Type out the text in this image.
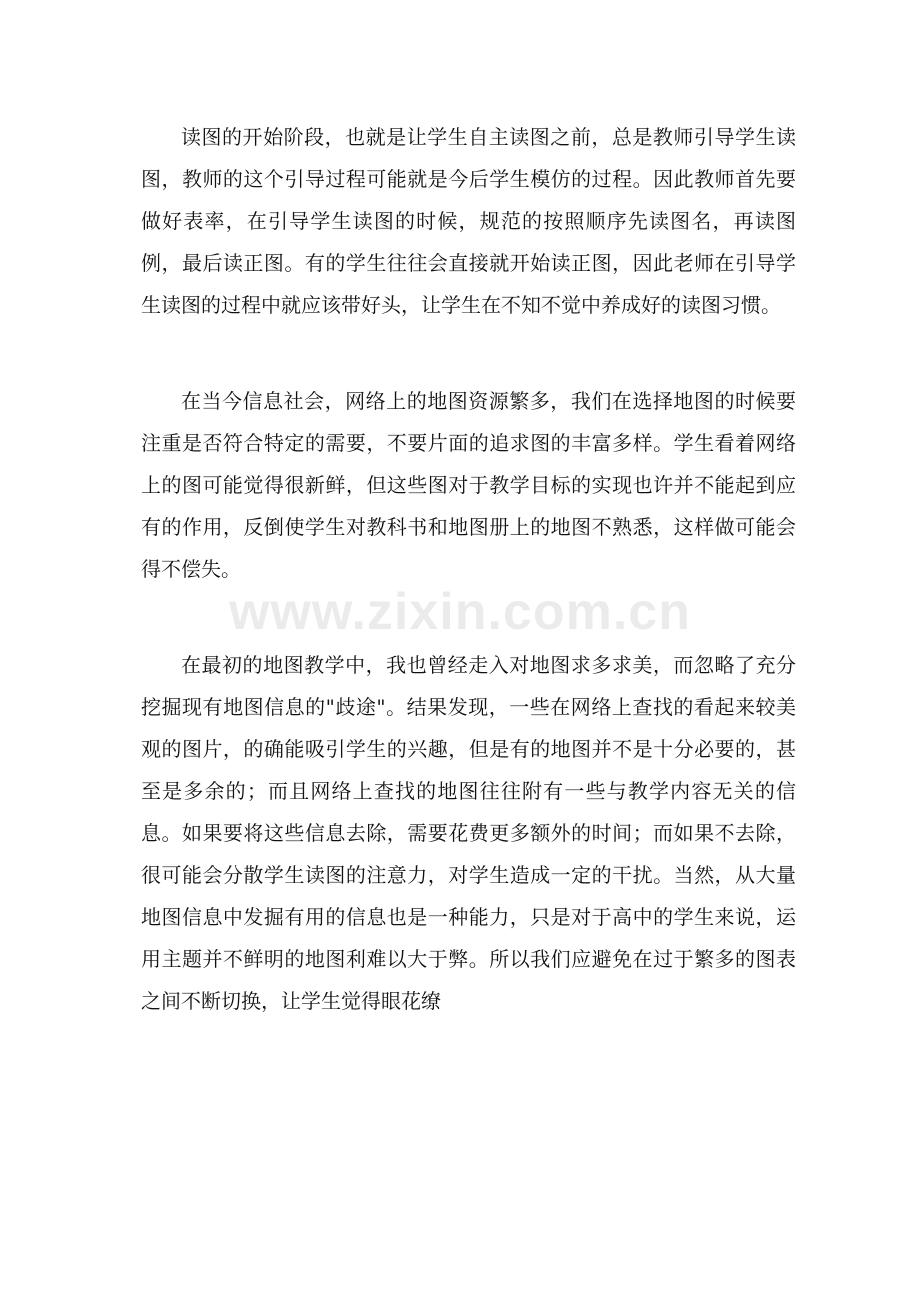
读图的开始阶段，也就是让学生自主读图之前，总是教师引导学生读图，教师的这个引导过程可能就是今后学生模仿的过程。因此教师首先要做好表率，在引导学生读图的时候，规范的按照顺序先读图名，再读图例，最后读正图。有的学生往往会直接就开始读正图，因此老师在引导学生读图的过程中就应该带好头，让学生在不知不觉中养成好的读图习惯。

在当今信息社会，网络上的地图资源繁多，我们在选择地图的时候要注重是否符合特定的需要，不要片面的追求图的丰富多样。学生看着网络上的图可能觉得很新鲜，但这些图对于教学目标的实现也许并不能起到应有的作用，反倒使学生对教科书和地图册上的地图不熟悉，这样做可能会得不偿失。

在最初的地图教学中，我也曾经走入对地图求多求美，而忽略了充分挖掘现有地图信息的"歧途"。结果发现，一些在网络上查找的看起来较美观的图片，的确能吸引学生的兴趣，但是有的地图并不是十分必要的，甚至是多余的；而且网络上查找的地图往往附有一些与教学内容无关的信息。如果要将这些信息去除，需要花费更多额外的时间；而如果不去除，很可能会分散学生读图的注意力，对学生造成一定的干扰。当然，从大量地图信息中发掘有用的信息也是一种能力，只是对于高中的学生来说，运用主题并不鲜明的地图利难以大于弊。所以我们应避免在过于繁多的图表之间不断切换，让学生觉得眼花缭

www.zixin.com.cn
